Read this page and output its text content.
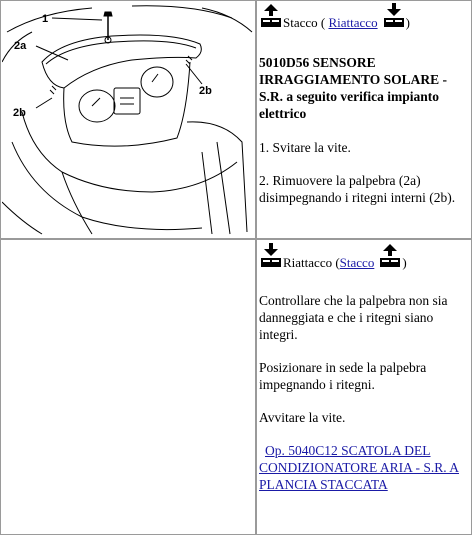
1
2a
2b
2b
Stacco ( Riattacco )
5010D56 SENSORE IRRAGGIAMENTO SOLARE - S.R. a seguito verifica impianto elettrico

1. Svitare la vite.

2. Rimuovere la palpebra (2a) disimpegnando i ritegni interni (2b).

Riattacco (Stacco )

Controllare che la palpebra non sia danneggiata e che i ritegni siano integri.

Posizionare in sede la palpebra impegnando i ritegni.

Avvitare la vite.

Op. 5040C12 SCATOLA DEL CONDIZIONATORE ARIA - S.R. A PLANCIA STACCATA
